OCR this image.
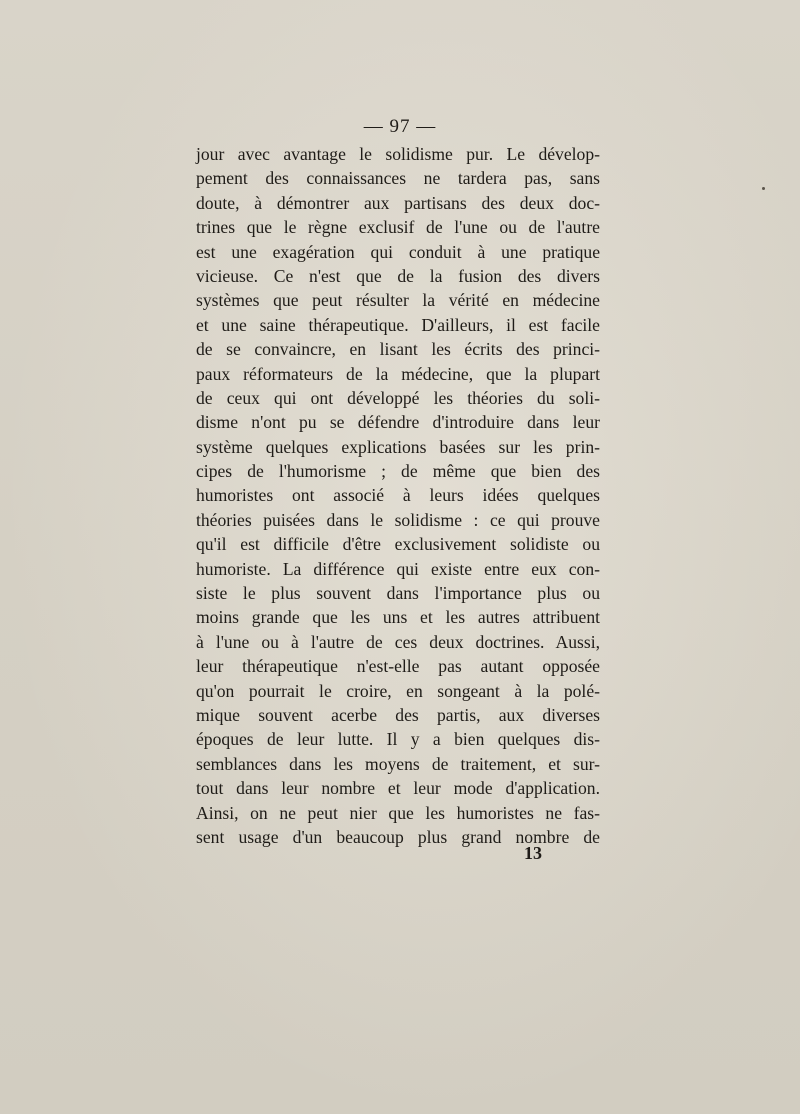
— 97 —
jour avec avantage le solidisme pur. Le dévelop-
pement des connaissances ne tardera pas, sans
doute, à démontrer aux partisans des deux doc-
trines que le règne exclusif de l'une ou de l'autre
est une exagération qui conduit à une pratique
vicieuse. Ce n'est que de la fusion des divers
systèmes que peut résulter la vérité en médecine
et une saine thérapeutique. D'ailleurs, il est facile
de se convaincre, en lisant les écrits des princi-
paux réformateurs de la médecine, que la plupart
de ceux qui ont développé les théories du soli-
disme n'ont pu se défendre d'introduire dans leur
système quelques explications basées sur les prin-
cipes de l'humorisme ; de même que bien des
humoristes ont associé à leurs idées quelques
théories puisées dans le solidisme : ce qui prouve
qu'il est difficile d'être exclusivement solidiste ou
humoriste. La différence qui existe entre eux con-
siste le plus souvent dans l'importance plus ou
moins grande que les uns et les autres attribuent
à l'une ou à l'autre de ces deux doctrines. Aussi,
leur thérapeutique n'est-elle pas autant opposée
qu'on pourrait le croire, en songeant à la polé-
mique souvent acerbe des partis, aux diverses
époques de leur lutte. Il y a bien quelques dis-
semblances dans les moyens de traitement, et sur-
tout dans leur nombre et leur mode d'application.
Ainsi, on ne peut nier que les humoristes ne fas-
sent usage d'un beaucoup plus grand nombre de
13
